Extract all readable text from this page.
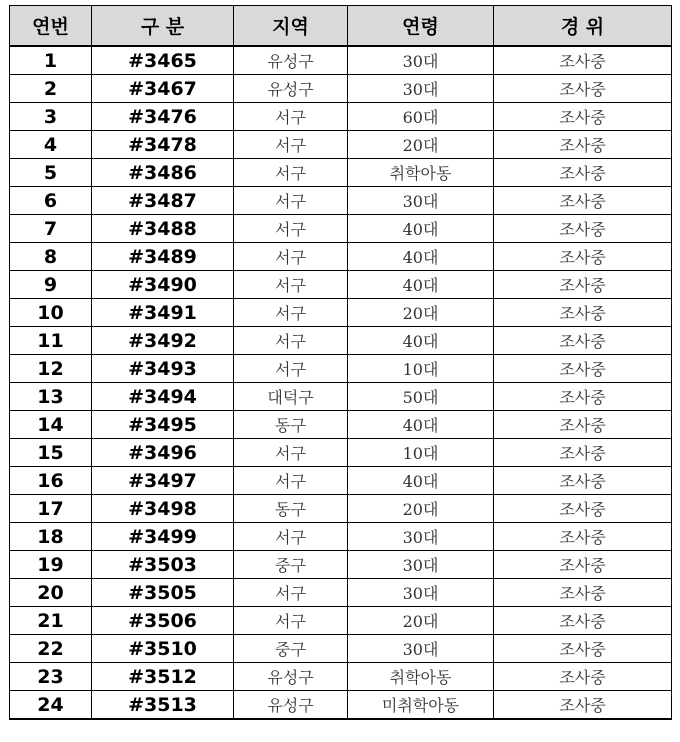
연번	구 분	지역	연령	경 위
1	#3465	유성구	30대	조사중
2	#3467	유성구	30대	조사중
3	#3476	서구	60대	조사중
4	#3478	서구	20대	조사중
5	#3486	서구	취학아동	조사중
6	#3487	서구	30대	조사중
7	#3488	서구	40대	조사중
8	#3489	서구	40대	조사중
9	#3490	서구	40대	조사중
10	#3491	서구	20대	조사중
11	#3492	서구	40대	조사중
12	#3493	서구	10대	조사중
13	#3494	대덕구	50대	조사중
14	#3495	동구	40대	조사중
15	#3496	서구	10대	조사중
16	#3497	서구	40대	조사중
17	#3498	동구	20대	조사중
18	#3499	서구	30대	조사중
19	#3503	중구	30대	조사중
20	#3505	서구	30대	조사중
21	#3506	서구	20대	조사중
22	#3510	중구	30대	조사중
23	#3512	유성구	취학아동	조사중
24	#3513	유성구	미취학아동	조사중
